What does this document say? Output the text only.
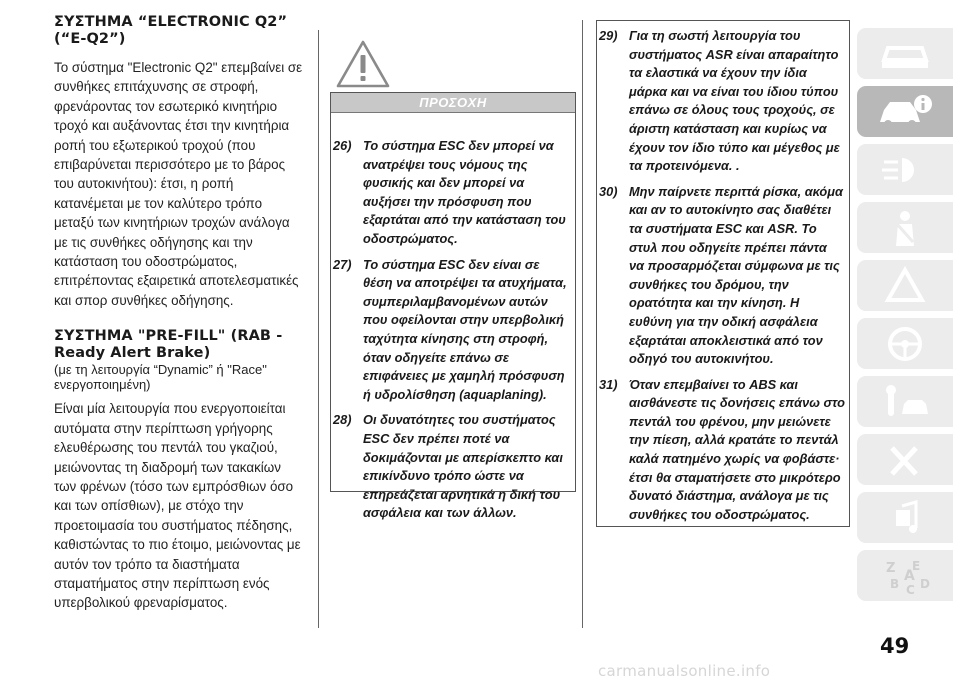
ΣΥΣΤΗΜΑ “ELECTRONIC Q2”
(“E-Q2”)

Το σύστημα "Electronic Q2" επεμβαίνει σε συνθήκες επιτάχυνσης σε στροφή, φρενάροντας τον εσωτερικό κινητήριο τροχό και αυξάνοντας έτσι την κινητήρια ροπή του εξωτερικού τροχού (που επιβαρύνεται περισσότερο με το βάρος του αυτοκινήτου): έτσι, η ροπή κατανέμεται με τον καλύτερο τρόπο μεταξύ των κινητήριων τροχών ανάλογα με τις συνθήκες οδήγησης και την κατάσταση του οδοστρώματος, επιτρέποντας εξαιρετικά αποτελεσματικές και σπορ συνθήκες οδήγησης.

ΣΥΣΤΗΜΑ "PRE-FILL" (RAB -
Ready Alert Brake)
(με τη λειτουργία “Dynamic” ή "Race" ενεργοποιημένη)

Είναι μία λειτουργία που ενεργοποιείται αυτόματα στην περίπτωση γρήγορης ελευθέρωσης του πεντάλ του γκαζιού, μειώνοντας τη διαδρομή των τακακίων των φρένων (τόσο των εμπρόσθιων όσο και των οπίσθιων), με στόχο την προετοιμασία του συστήματος πέδησης, καθιστώντας το πιο έτοιμο, μειώνοντας με αυτόν τον τρόπο τα διαστήματα σταματήματος στην περίπτωση ενός υπερβολικού φρεναρίσματος.

ΠΡΟΣΟΧΗ
26) Το σύστημα ESC δεν μπορεί να ανατρέψει τους νόμους της φυσικής και δεν μπορεί να αυξήσει την πρόσφυση που εξαρτάται από την κατάσταση του οδοστρώματος.
27) Το σύστημα ESC δεν είναι σε θέση να αποτρέψει τα ατυχήματα, συμπεριλαμβανομένων αυτών που οφείλονται στην υπερβολική ταχύτητα κίνησης στη στροφή, όταν οδηγείτε επάνω σε επιφάνειες με χαμηλή πρόσφυση ή υδρολίσθηση (aquaplaning).
28) Οι δυνατότητες του συστήματος ESC δεν πρέπει ποτέ να δοκιμάζονται με απερίσκεπτο και επικίνδυνο τρόπο ώστε να επηρεάζεται αρνητικά η δική του ασφάλεια και των άλλων.
29) Για τη σωστή λειτουργία του συστήματος ASR είναι απαραίτητο τα ελαστικά να έχουν την ίδια μάρκα και να είναι του ίδιου τύπου επάνω σε όλους τους τροχούς, σε άριστη κατάσταση και κυρίως να έχουν τον ίδιο τύπο και μέγεθος με τα προτεινόμενα. .
30) Μην παίρνετε περιττά ρίσκα, ακόμα και αν το αυτοκίνητο σας διαθέτει τα συστήματα ESC και ASR. Το στυλ που οδηγείτε πρέπει πάντα να προσαρμόζεται σύμφωνα με τις συνθήκες του δρόμου, την ορατότητα και την κίνηση. Η ευθύνη για την οδική ασφάλεια εξαρτάται αποκλειστικά από τον οδηγό του αυτοκινήτου.
31) Όταν επεμβαίνει το ABS και αισθάνεστε τις δονήσεις επάνω στο πεντάλ του φρένου, μην μειώνετε την πίεση, αλλά κρατάτε το πεντάλ καλά πατημένο χωρίς να φοβάστε· έτσι θα σταματήσετε στο μικρότερο δυνατό διάστημα, ανάλογα με τις συνθήκες του οδοστρώματος.
Z E
B A
C D
49
carmanualsonline.info
